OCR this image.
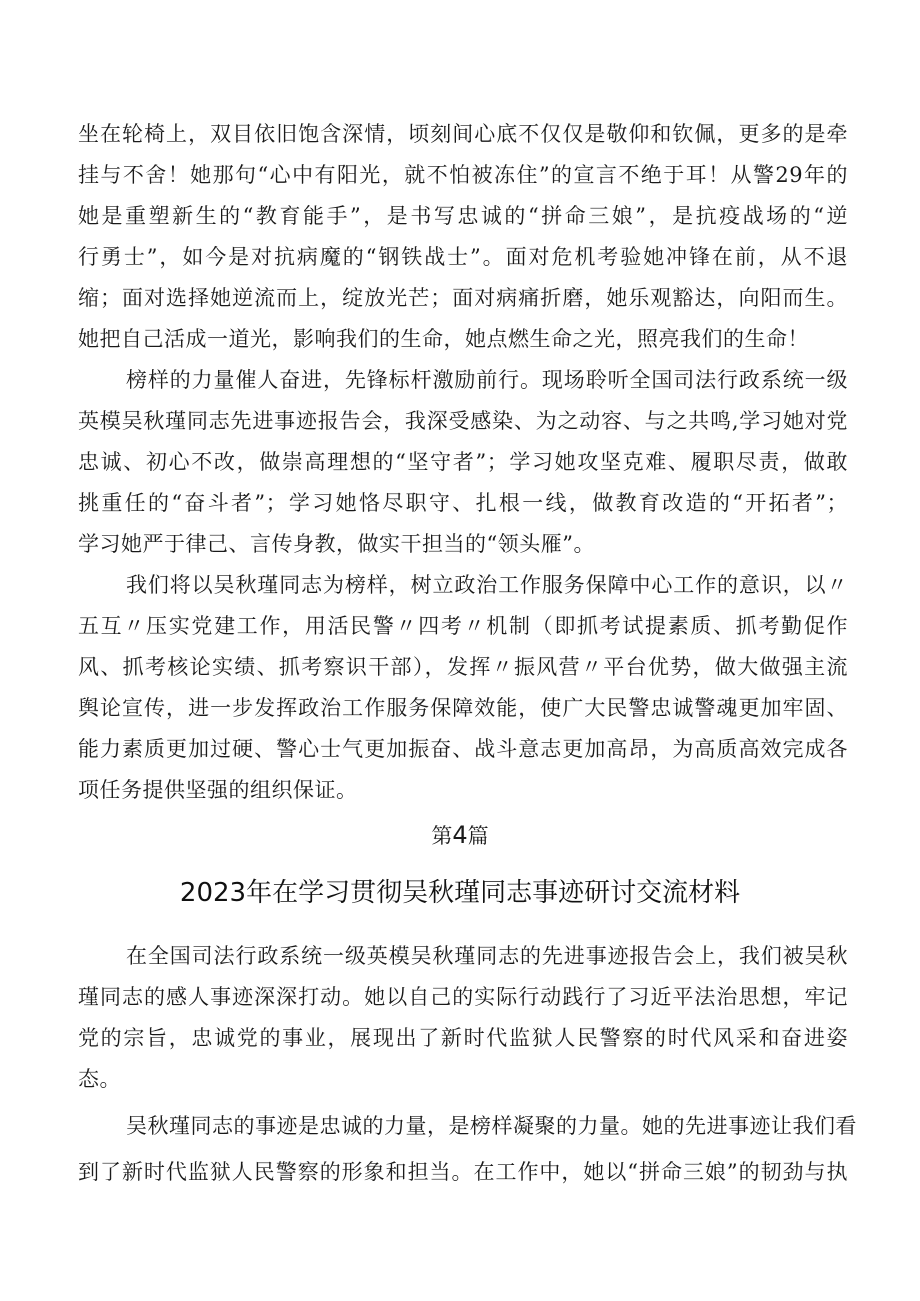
坐在轮椅上，双目依旧饱含深情，顷刻间心底不仅仅是敬仰和钦佩，更多的是牵
挂与不舍！她那句“心中有阳光，就不怕被冻住”的宣言不绝于耳！从警29年的
她是重塑新生的“教育能手”，是书写忠诚的“拼命三娘”，是抗疫战场的“逆
行勇士”，如今是对抗病魔的“钢铁战士”。面对危机考验她冲锋在前，从不退
缩；面对选择她逆流而上，绽放光芒；面对病痛折磨，她乐观豁达，向阳而生。
她把自己活成一道光，影响我们的生命，她点燃生命之光，照亮我们的生命！
榜样的力量催人奋进，先锋标杆激励前行。现场聆听全国司法行政系统一级
英模吴秋瑾同志先进事迹报告会，我深受感染、为之动容、与之共鸣,学习她对党
忠诚、初心不改，做崇高理想的“坚守者”；学习她攻坚克难、履职尽责，做敢
挑重任的“奋斗者”；学习她恪尽职守、扎根一线，做教育改造的“开拓者”；
学习她严于律己、言传身教，做实干担当的“领头雁”。
我们将以吴秋瑾同志为榜样，树立政治工作服务保障中心工作的意识，以〃
五互〃压实党建工作，用活民警〃四考〃机制（即抓考试提素质、抓考勤促作
风、抓考核论实绩、抓考察识干部），发挥〃振风营〃平台优势，做大做强主流
舆论宣传，进一步发挥政治工作服务保障效能，使广大民警忠诚警魂更加牢固、
能力素质更加过硬、警心士气更加振奋、战斗意志更加高昂，为高质高效完成各
项任务提供坚强的组织保证。
第4篇
2023年在学习贯彻吴秋瑾同志事迹研讨交流材料
在全国司法行政系统一级英模吴秋瑾同志的先进事迹报告会上，我们被吴秋
瑾同志的感人事迹深深打动。她以自己的实际行动践行了习近平法治思想，牢记
党的宗旨，忠诚党的事业，展现出了新时代监狱人民警察的时代风采和奋进姿
态。
吴秋瑾同志的事迹是忠诚的力量，是榜样凝聚的力量。她的先进事迹让我们看
到了新时代监狱人民警察的形象和担当。在工作中，她以“拼命三娘”的韧劲与执
